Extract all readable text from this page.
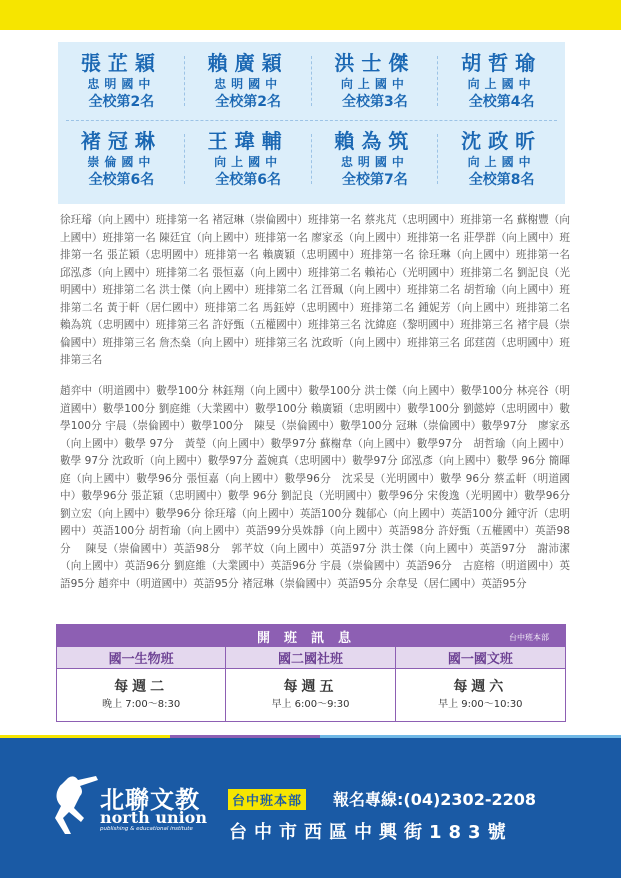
張芷穎
忠明國中
全校第2名
賴廣穎
忠明國中
全校第2名
洪士傑
向上國中
全校第3名
胡哲瑜
向上國中
全校第4名
褚冠琳
崇倫國中
全校第6名
王瑋輔
向上國中
全校第6名
賴為筑
忠明國中
全校第7名
沈政昕
向上國中
全校第8名

徐玨璿（向上國中）班排第一名 褚冠琳（崇倫國中）班排第一名 蔡兆芃（忠明國中）班排第一名 蘇榭豐（向上國中）班排第一名 陳廷宜（向上國中）班排第一名 廖家丞（向上國中）班排第一名 莊學群（向上國中）班排第一名 張芷穎（忠明國中）班排第一名 賴廣穎（忠明國中）班排第一名 徐玨琳（向上國中）班排第一名 邱泓彥（向上國中）班排第二名 張恒嘉（向上國中）班排第二名 賴祐心（光明國中）班排第二名 劉記良（光明國中）班排第二名 洪士傑（向上國中）班排第二名 江晉珮（向上國中）班排第二名 胡哲瑜（向上國中）班排第二名 黃于軒（居仁國中）班排第二名 馬鈺婷（忠明國中）班排第二名 鍾妮芳（向上國中）班排第二名 賴為筑（忠明國中）班排第三名 許妤甄（五權國中）班排第三名 沈緯庭（黎明國中）班排第三名 褚宇晨（崇倫國中）班排第三名 詹杰燊（向上國中）班排第三名 沈政昕（向上國中）班排第三名 邱莛茵（忠明國中）班排第三名

趙弈中（明道國中）數學100分 林鈺翔（向上國中）數學100分 洪士傑（向上國中）數學100分 林亮谷（明道國中）數學100分 劉庭維（大業國中）數學100分 賴廣穎（忠明國中）數學100分 劉懿婷（忠明國中）數學100分 宇晨（崇倫國中）數學100分　陳旻（崇倫國中）數學100分 冠琳（崇倫國中）數學97分　廖家丞（向上國中）數學 97分　黃瑩（向上國中）數學97分 蘇榭韋（向上國中）數學97分　胡哲瑜（向上國中）數學 97分 沈政昕（向上國中）數學97分 蓋婉真（忠明國中）數學97分 邱泓彥（向上國中）數學 96分 簡暉庭（向上國中）數學96分 張恒嘉（向上國中）數學96分　沈采旻（光明國中）數學 96分 蔡孟軒（明道國中）數學96分 張芷穎（忠明國中）數學 96分 劉記良（光明國中）數學96分 宋俊逸（光明國中）數學96分 劉立宏（向上國中）數學96分 徐玨璿（向上國中）英語100分 魏郁心（向上國中）英語100分 鍾守沂（忠明國中）英語100分 胡哲瑜（向上國中）英語99分吳姝靜（向上國中）英語98分 許妤甄（五權國中）英語98分　 陳旻（崇倫國中）英語98分　郭芊妏（向上國中）英語97分 洪士傑（向上國中）英語97分　謝沛潔（向上國中）英語96分 劉庭維（大業國中）英語96分 宇晨（崇倫國中）英語96分　古庭榕（明道國中）英語95分 趙弈中（明道國中）英語95分 褚冠琳（崇倫國中）英語95分 余韋旻（居仁國中）英語95分

開班訊息	台中班本部
國一生物班	國二國社班	國一國文班
每週二
晚上 7:00～8:30
每週五
早上 6:00～9:30
每週六
早上 9:00～10:30
北聯文教
north union
publishing & educational institute
台中班本部 報名專線:(04)2302-2208
台中市西區中興街183號
